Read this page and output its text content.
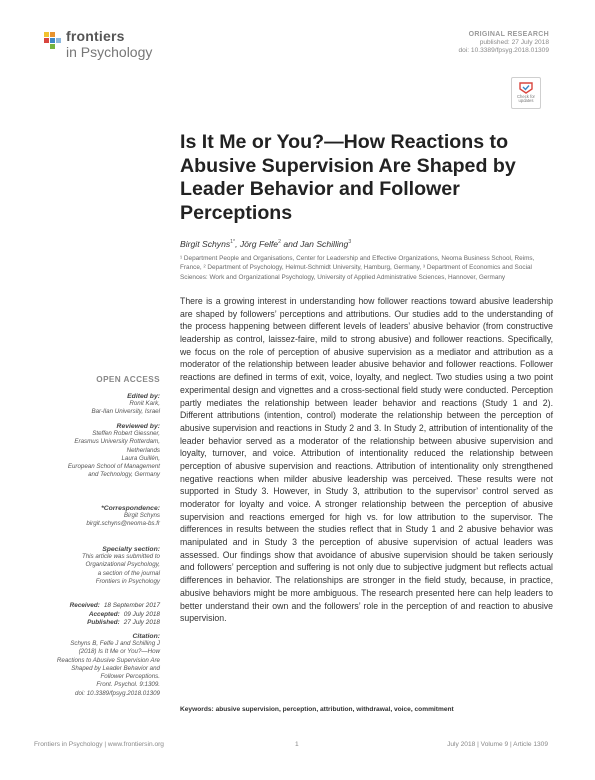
frontiers
in Psychology
ORIGINAL RESEARCH
published: 27 July 2018
doi: 10.3389/fpsyg.2018.01309
Check for
updates
Is It Me or You?—How Reactions to
Abusive Supervision Are Shaped by
Leader Behavior and Follower
Perceptions
Birgit Schyns$^{1*}$, Jörg Felfe$^2$ and Jan Schilling$^3$
¹ Department People and Organisations, Center for Leadership and Effective Organizations, Neoma Business School, Reims,
France, ² Department of Psychology, Helmut-Schmidt University, Hamburg, Germany, ³ Department of Economics and Social
Sciences: Work and Organizational Psychology, University of Applied Administrative Sciences, Hannover, Germany
There is a growing interest in understanding how follower reactions toward abusive leadership are shaped by followers’ perceptions and attributions. Our studies add to the understanding of the process happening between different levels of leaders’ abusive behavior (from constructive leadership as control, laissez-faire, mild to strong abusive) and follower reactions. Specifically, we focus on the role of perception of abusive supervision as a mediator and attribution as a moderator of the relationship between leader abusive behavior and follower reactions. Follower reactions are defined in terms of exit, voice, loyalty, and neglect. Two studies using a two point experimental design and vignettes and a cross-sectional field study were conducted. Perception partly mediates the relationship between leader behavior and reactions (Study 1 and 2). Different attributions (intention, control) moderate the relationship between the perception of abusive supervision and reactions in Study 2 and 3. In Study 2, attribution of intentionality of the leader behavior served as a moderator of the relationship between abusive supervision and loyalty, turnover, and voice. Attribution of intentionality reduced the relationship between perception of abusive supervision and reactions. Attribution of intentionality only strengthened negative reactions when milder abusive leadership was perceived. These results were not supported in Study 3. However, in Study 3, attribution to the supervisor’ control served as moderator for loyalty and voice. A stronger relationship between the perception of abusive supervision and reactions emerged for high vs. for low attribution to the supervisor. The differences in results between the studies reflect that in Study 1 and 2 abusive behavior was manipulated and in Study 3 the perception of abusive supervision of actual leaders was assessed. Our findings show that avoidance of abusive supervision should be taken seriously and followers’ perception and suffering is not only due to subjective judgment but reflects actual differences in behavior. The relationships are stronger in the field study, because, in practice, abusive behaviors might be more ambiguous. The research presented here can help leaders to better understand their own and the followers’ role in the perception of and reaction to abusive supervision.
Keywords: abusive supervision, perception, attribution, withdrawal, voice, commitment
OPEN ACCESS
Edited by:
Ronit Kark,
Bar-Ilan University, Israel
Reviewed by:
Steffen Robert Giessner,
Erasmus University Rotterdam,
Netherlands
Laura Guillén,
European School of Management
and Technology, Germany
*Correspondence:
Birgit Schyns
birgit.schyns@neoma-bs.fr
Specialty section:
This article was submitted to
Organizational Psychology,
a section of the journal
Frontiers in Psychology
Received: 18 September 2017
Accepted: 09 July 2018
Published: 27 July 2018
Citation:
Schyns B, Felfe J and Schilling J
(2018) Is It Me or You?—How
Reactions to Abusive Supervision Are
Shaped by Leader Behavior and
Follower Perceptions.
Front. Psychol. 9:1309.
doi: 10.3389/fpsyg.2018.01309
Frontiers in Psychology | www.frontiersin.org	1	July 2018 | Volume 9 | Article 1309
